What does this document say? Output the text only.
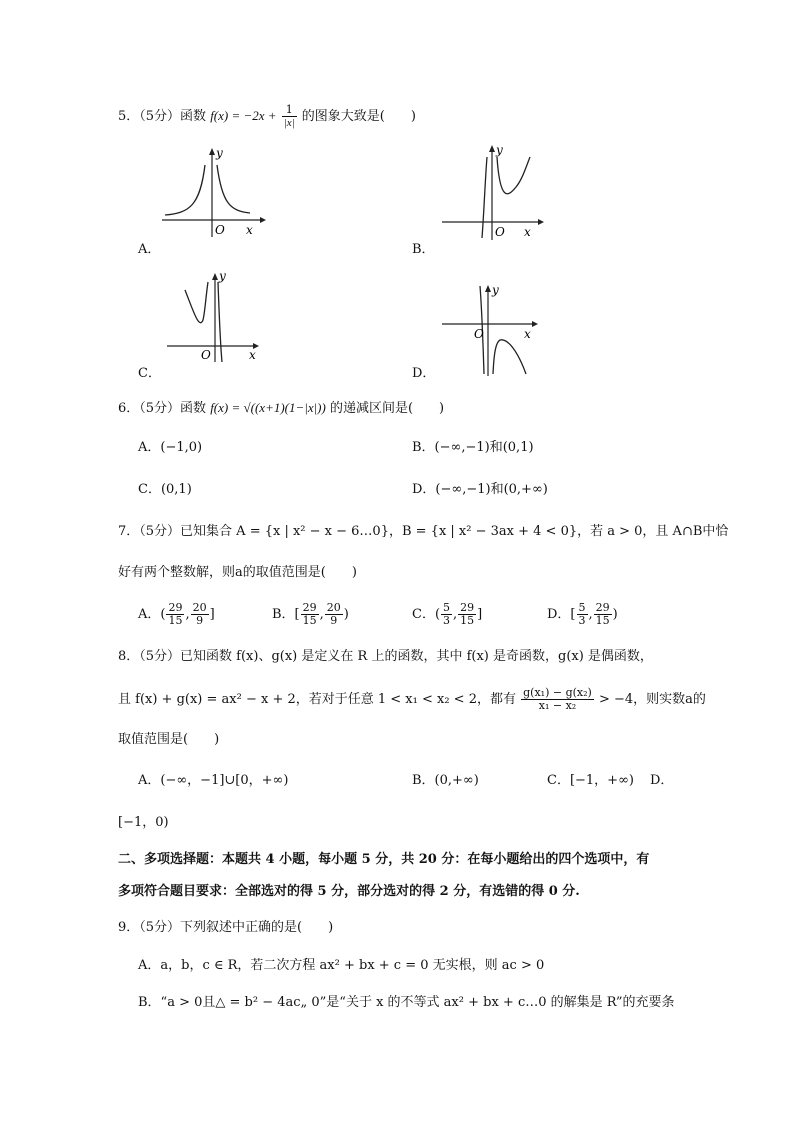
5．（5分）函数 $f(x) = -2x + \frac{1}{|x|}$ 的图象大致是(　　)
y
O x
A．
y
O x
B．
y
O	x
C．
y
O	x
D．
6．（5分）函数 f(x) = √((x+1)(1−|x|)) 的递减区间是(　　)
A．(−1,0)	B．(−∞,−1)和(0,1)
C．(0,1)	D．(−∞,−1)和(0,+∞)
7．（5分）已知集合 A = {x | x² − x − 6…0}，B = {x | x² − 3ax + 4 < 0}，若 a > 0，且 A∩B中恰
好有两个整数解，则a的取值范围是(　　)
A．( $\frac{29}{15}$ , $\frac{20}{9}$ ]	B．[ $\frac{29}{15}$ , $\frac{20}{9}$ )	C．( $\frac{5}{3}$ , $\frac{29}{15}$ ]	D．[ $\frac{5}{3}$ , $\frac{29}{15}$ )
8．（5分）已知函数 f(x)、g(x) 是定义在 R 上的函数，其中 f(x) 是奇函数，g(x) 是偶函数，
且 f(x) + g(x) = ax² − x + 2，若对于任意 1 < x₁ < x₂ < 2，都有 $\frac{\text{g(x₁) − g(x₂)}}{\text{x₁ − x₂}} > -4$，则实数a的
取值范围是(　　)
A．(−∞，−1]∪[0，+∞)	B．(0,+∞)	C．[−1，+∞) D．
[−1，0)
二、多项选择题：本题共 4 小题，每小题 5 分，共 20 分：在每小题给出的四个选项中，有
多项符合题目要求：全部选对的得 5 分，部分选对的得 2 分，有选错的得 0 分.
9．（5分）下列叙述中正确的是(　　)
A．a，b，c ∈ R，若二次方程 ax² + bx + c = 0 无实根，则 ac > 0
B．“a > 0且△ = b² − 4ac„ 0”是“关于 x 的不等式 ax² + bx + c…0 的解集是 R”的充要条
